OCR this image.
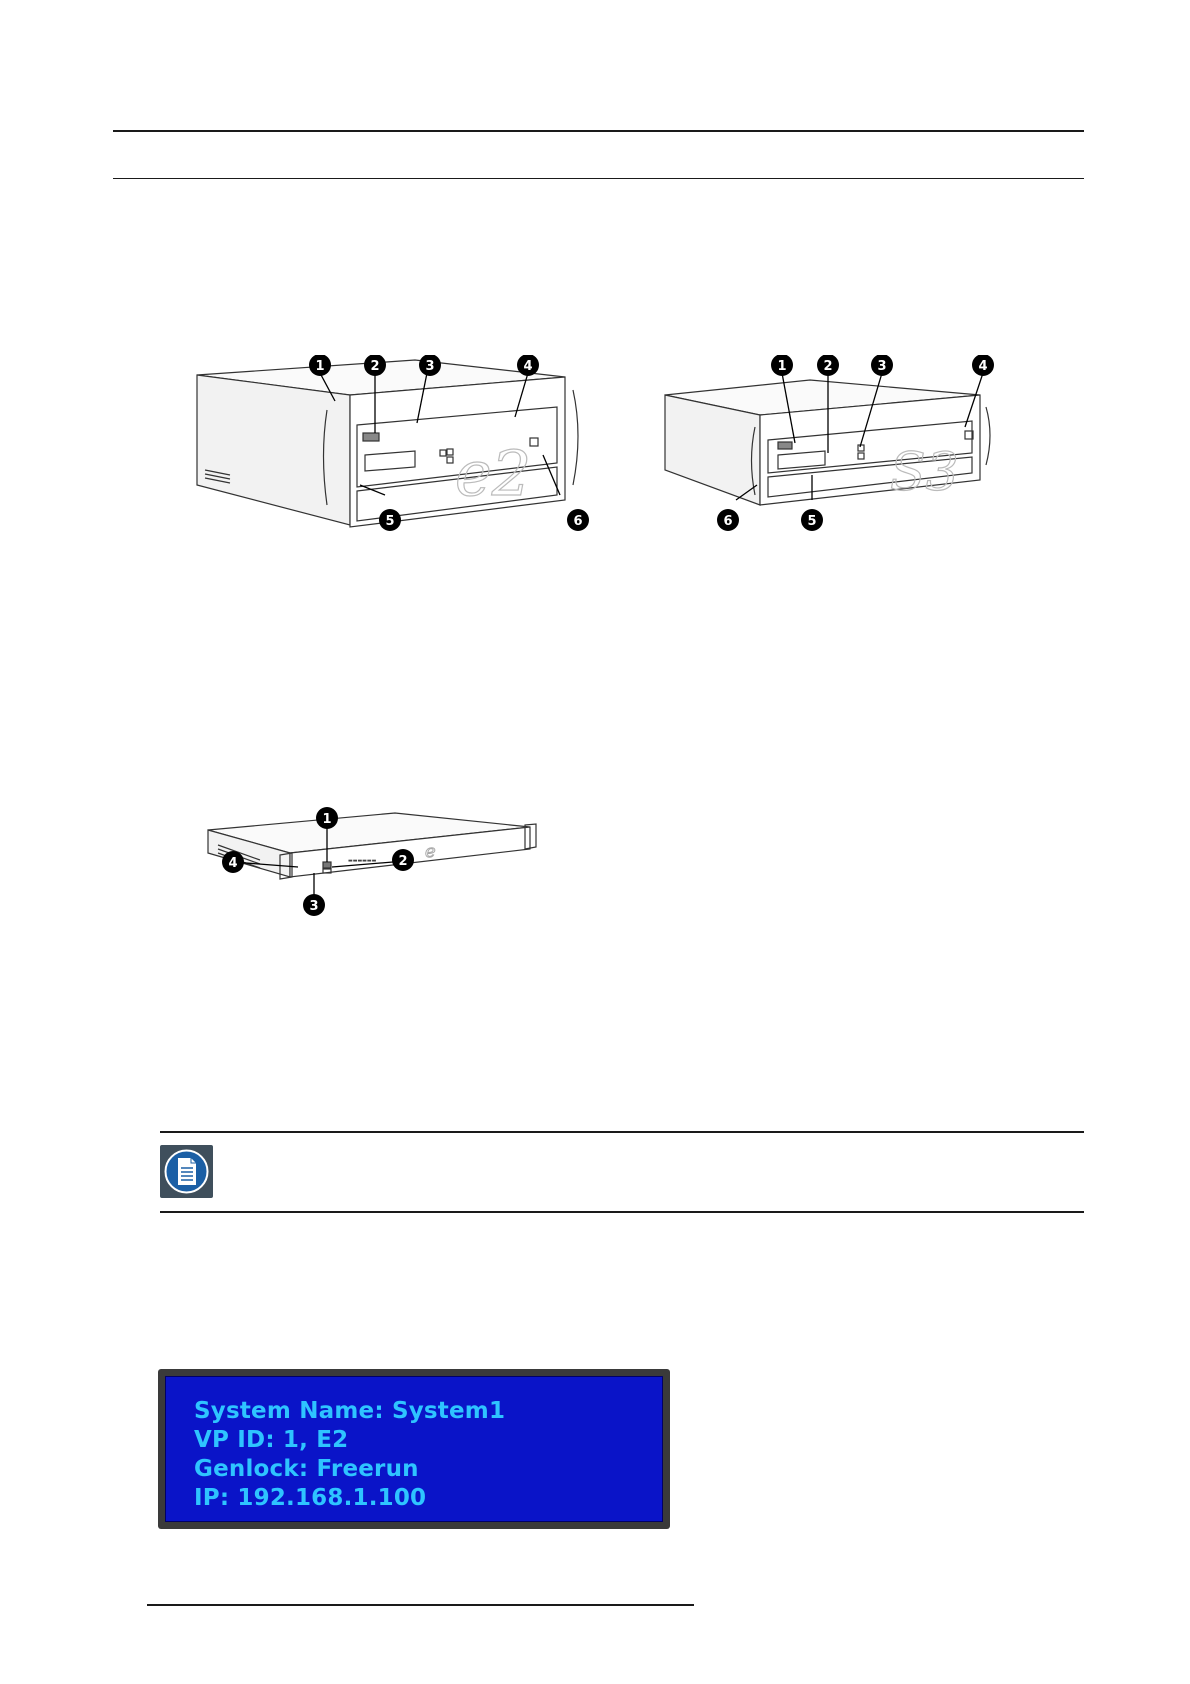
e2
1	2	3	4
5	6
S3
1	2	3	4
6	5
▬▬▬▬▬▬	e
1
4	2
3
System Name: System1
VP ID: 1, E2
Genlock: Freerun
IP: 192.168.1.100
